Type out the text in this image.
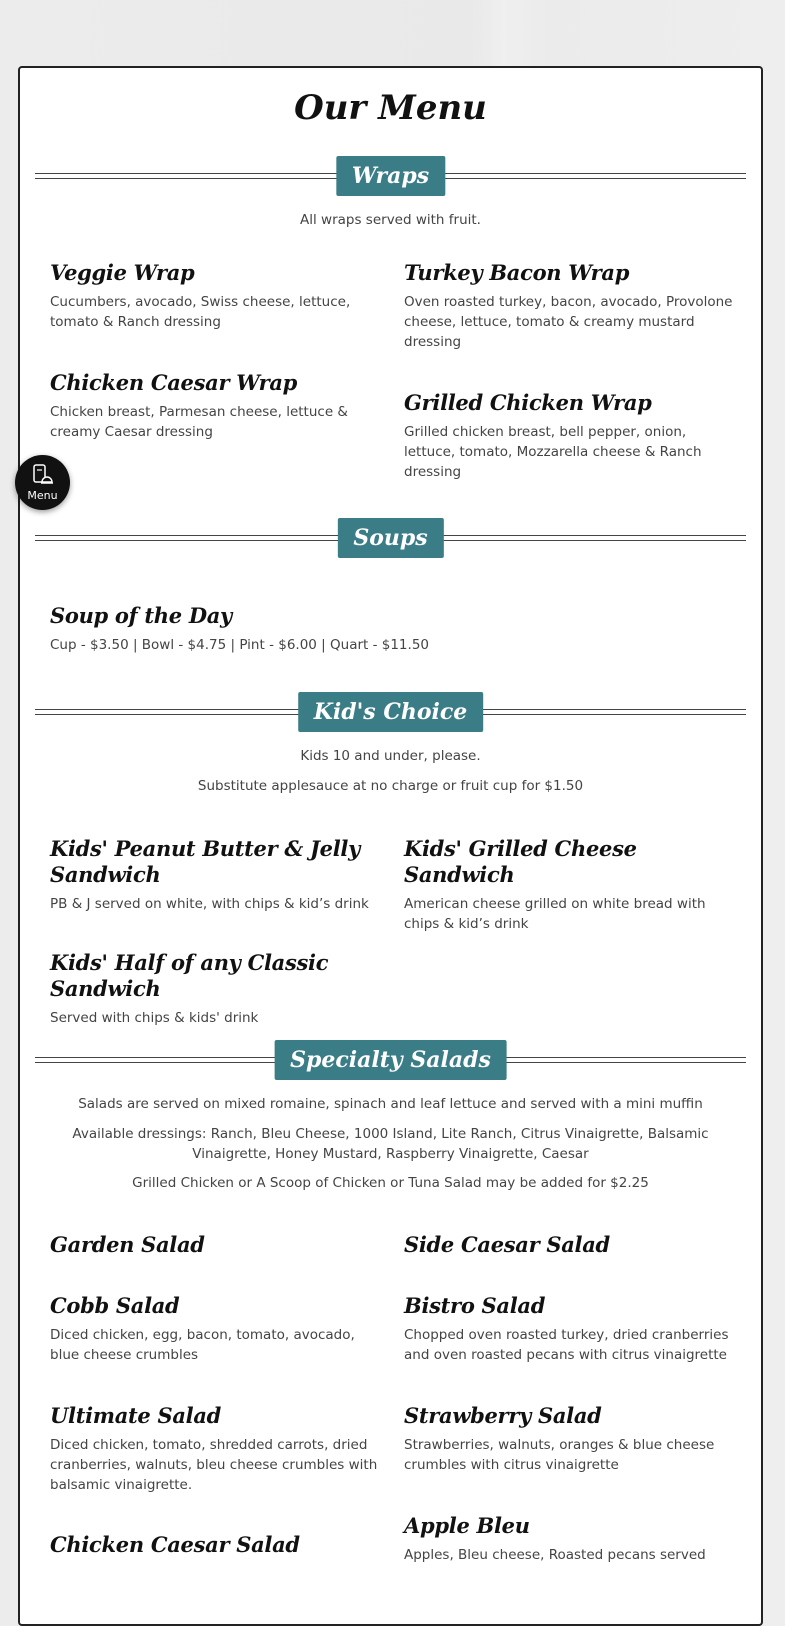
Our Menu
Wraps
All wraps served with fruit.
Veggie Wrap
Cucumbers, avocado, Swiss cheese, lettuce, tomato & Ranch dressing
Turkey Bacon Wrap
Oven roasted turkey, bacon, avocado, Provolone cheese, lettuce, tomato & creamy mustard dressing
Chicken Caesar Wrap
Chicken breast, Parmesan cheese, lettuce & creamy Caesar dressing
Grilled Chicken Wrap
Grilled chicken breast, bell pepper, onion, lettuce, tomato, Mozzarella cheese & Ranch dressing
Soups
Soup of the Day
Cup - $3.50 | Bowl - $4.75 | Pint - $6.00 | Quart - $11.50
Kid's Choice
Kids 10 and under, please.
Substitute applesauce at no charge or fruit cup for $1.50
Kids' Peanut Butter & Jelly Sandwich
PB & J served on white, with chips & kid’s drink
Kids' Grilled Cheese Sandwich
American cheese grilled on white bread with chips & kid’s drink
Kids' Half of any Classic Sandwich
Served with chips & kids' drink
Specialty Salads
Salads are served on mixed romaine, spinach and leaf lettuce and served with a mini muffin
Available dressings: Ranch, Bleu Cheese, 1000 Island, Lite Ranch, Citrus Vinaigrette, Balsamic Vinaigrette, Honey Mustard, Raspberry Vinaigrette, Caesar
Grilled Chicken or A Scoop of Chicken or Tuna Salad may be added for $2.25
Garden Salad	Side Caesar Salad
Cobb Salad
Diced chicken, egg, bacon, tomato, avocado, blue cheese crumbles
Bistro Salad
Chopped oven roasted turkey, dried cranberries and oven roasted pecans with citrus vinaigrette
Ultimate Salad
Diced chicken, tomato, shredded carrots, dried cranberries, walnuts, bleu cheese crumbles with balsamic vinaigrette.
Strawberry Salad
Strawberries, walnuts, oranges & blue cheese crumbles with citrus vinaigrette
Apple Bleu
Apples, Bleu cheese, Roasted pecans served
Chicken Caesar Salad
Menu
